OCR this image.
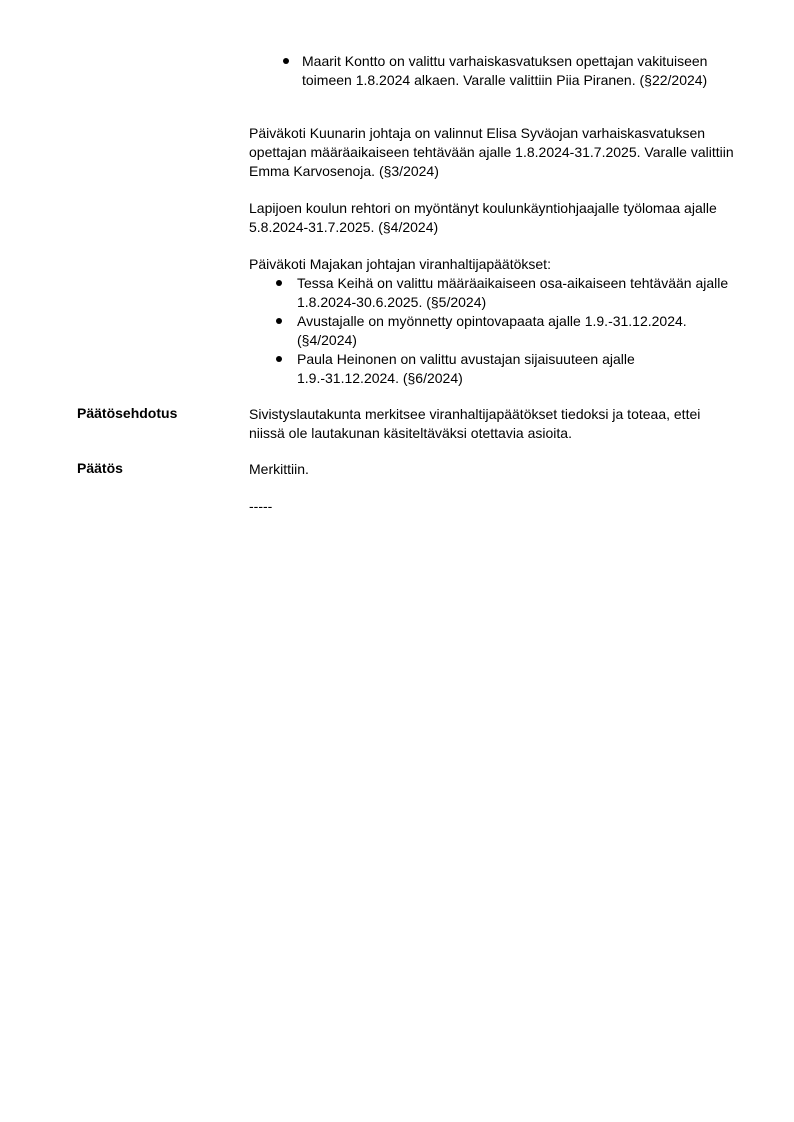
Maarit Kontto on valittu varhaiskasvatuksen opettajan vakituiseen toimeen 1.8.2024 alkaen. Varalle valittiin Piia Piranen. (§22/2024)

Päiväkoti Kuunarin johtaja on valinnut Elisa Syväojan varhaiskasvatuksen opettajan määräaikaiseen tehtävään ajalle 1.8.2024-31.7.2025. Varalle valittiin Emma Karvosenoja. (§3/2024)

Lapijoen koulun rehtori on myöntänyt koulunkäyntiohjaajalle työlomaa ajalle 5.8.2024-31.7.2025. (§4/2024)

Päiväkoti Majakan johtajan viranhaltijapäätökset:

Tessa Keihä on valittu määräaikaiseen osa-aikaiseen tehtävään ajalle 1.8.2024-30.6.2025. (§5/2024)
Avustajalle on myönnetty opintovapaata ajalle 1.9.-31.12.2024. (§4/2024)
Paula Heinonen on valittu avustajan sijaisuuteen ajalle 1.9.-31.12.2024. (§6/2024)

Päätösehdotus	Sivistyslautakunta merkitsee viranhaltijapäätökset tiedoksi ja toteaa, ettei niissä ole lautakunan käsiteltäväksi otettavia asioita.

Päätös	Merkittiin.

-----
